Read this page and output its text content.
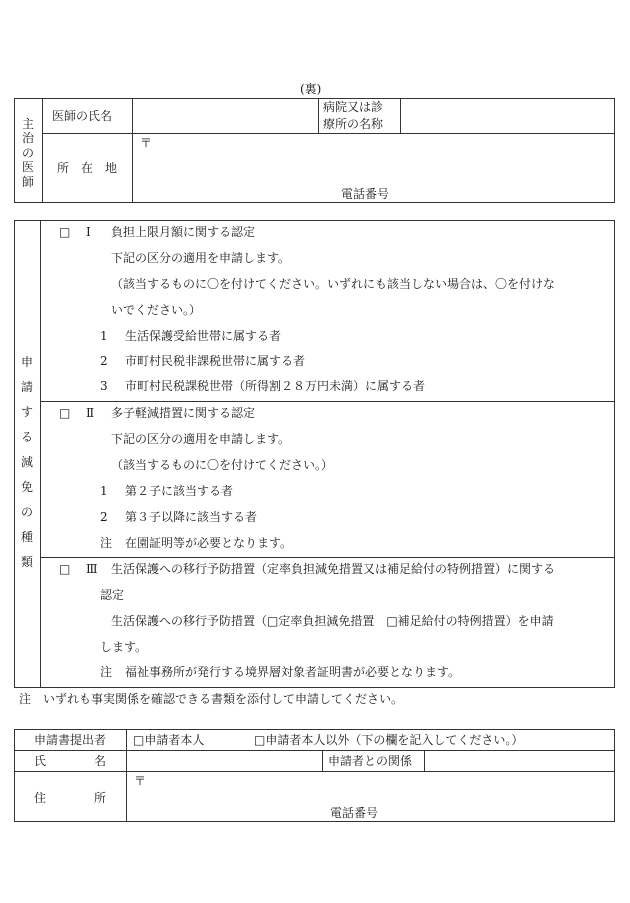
(裏)
主
治
の
医
師
医師の氏名
病院又は診
療所の名称
所　在　地
〒
電話番号
申
請
す
る
減
免
の
種
類
□ Ⅰ 負担上限月額に関する認定
下記の区分の適用を申請します。
（該当するものに〇を付けてください。いずれにも該当しない場合は、〇を付けな
いでください。）
1 生活保護受給世帯に属する者
2 市町村民税非課税世帯に属する者
3 市町村民税課税世帯（所得割２８万円未満）に属する者
□ Ⅱ 多子軽減措置に関する認定
下記の区分の適用を申請します。
（該当するものに〇を付けてください。）
1 第２子に該当する者
2 第３子以降に該当する者
注 在園証明等が必要となります。
□ Ⅲ 生活保護への移行予防措置（定率負担減免措置又は補足給付の特例措置）に関する
認定
生活保護への移行予防措置（□定率負担減免措置　□補足給付の特例措置）を申請
します。
注 福祉事務所が発行する境界層対象者証明書が必要となります。
注　いずれも事実関係を確認できる書類を添付して申請してください。
申請書提出者 □申請者本人	□申請者本人以外（下の欄を記入してください。）
氏　　　　名	申請者との関係
住　　　　所
〒
電話番号
